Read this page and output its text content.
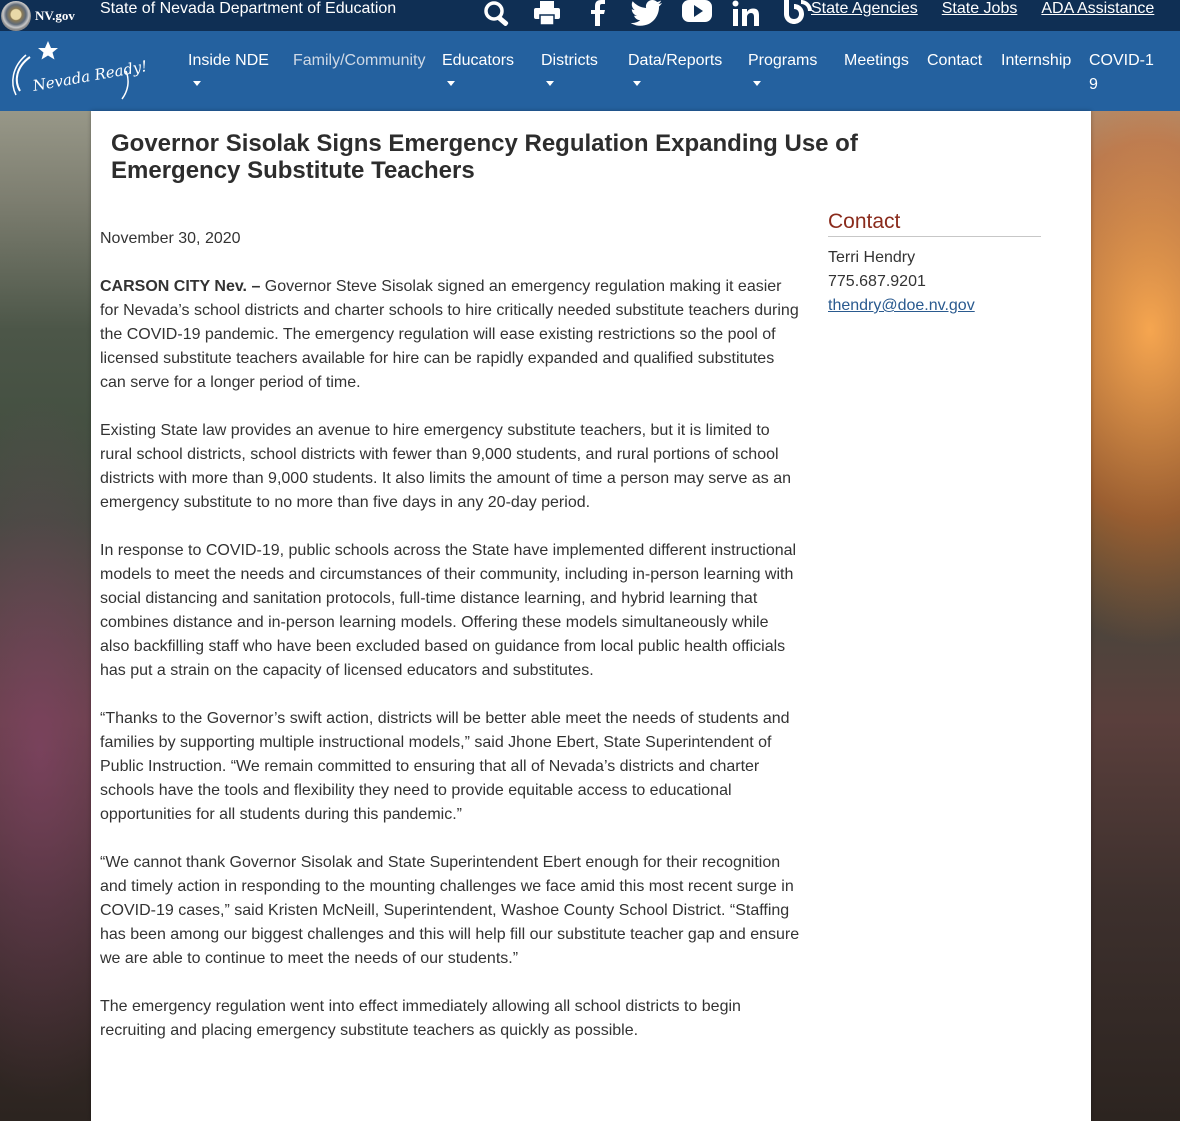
NV.gov State of Nevada Department of Education	State Agencies State Jobs ADA Assistance
Nevada Ready! Inside NDE Family/Community Educators Districts Data/Reports Programs Meetings Contact Internship COVID-19
Governor Sisolak Signs Emergency Regulation Expanding Use of Emergency Substitute Teachers

November 30, 2020

CARSON CITY Nev. – Governor Steve Sisolak signed an emergency regulation making it easier for Nevada’s school districts and charter schools to hire critically needed substitute teachers during the COVID-19 pandemic. The emergency regulation will ease existing restrictions so the pool of licensed substitute teachers available for hire can be rapidly expanded and qualified substitutes can serve for a longer period of time.

Existing State law provides an avenue to hire emergency substitute teachers, but it is limited to rural school districts, school districts with fewer than 9,000 students, and rural portions of school districts with more than 9,000 students. It also limits the amount of time a person may serve as an emergency substitute to no more than five days in any 20-day period.

In response to COVID-19, public schools across the State have implemented different instructional models to meet the needs and circumstances of their community, including in-person learning with social distancing and sanitation protocols, full-time distance learning, and hybrid learning that combines distance and in-person learning models. Offering these models simultaneously while also backfilling staff who have been excluded based on guidance from local public health officials has put a strain on the capacity of licensed educators and substitutes.

“Thanks to the Governor’s swift action, districts will be better able meet the needs of students and families by supporting multiple instructional models,” said Jhone Ebert, State Superintendent of Public Instruction. “We remain committed to ensuring that all of Nevada’s districts and charter schools have the tools and flexibility they need to provide equitable access to educational opportunities for all students during this pandemic.”

“We cannot thank Governor Sisolak and State Superintendent Ebert enough for their recognition and timely action in responding to the mounting challenges we face amid this most recent surge in COVID-19 cases,” said Kristen McNeill, Superintendent, Washoe County School District. “Staffing has been among our biggest challenges and this will help fill our substitute teacher gap and ensure we are able to continue to meet the needs of our students.”

The emergency regulation went into effect immediately allowing all school districts to begin recruiting and placing emergency substitute teachers as quickly as possible.

Contact
Terri Hendry
775.687.9201
thendry@doe.nv.gov
